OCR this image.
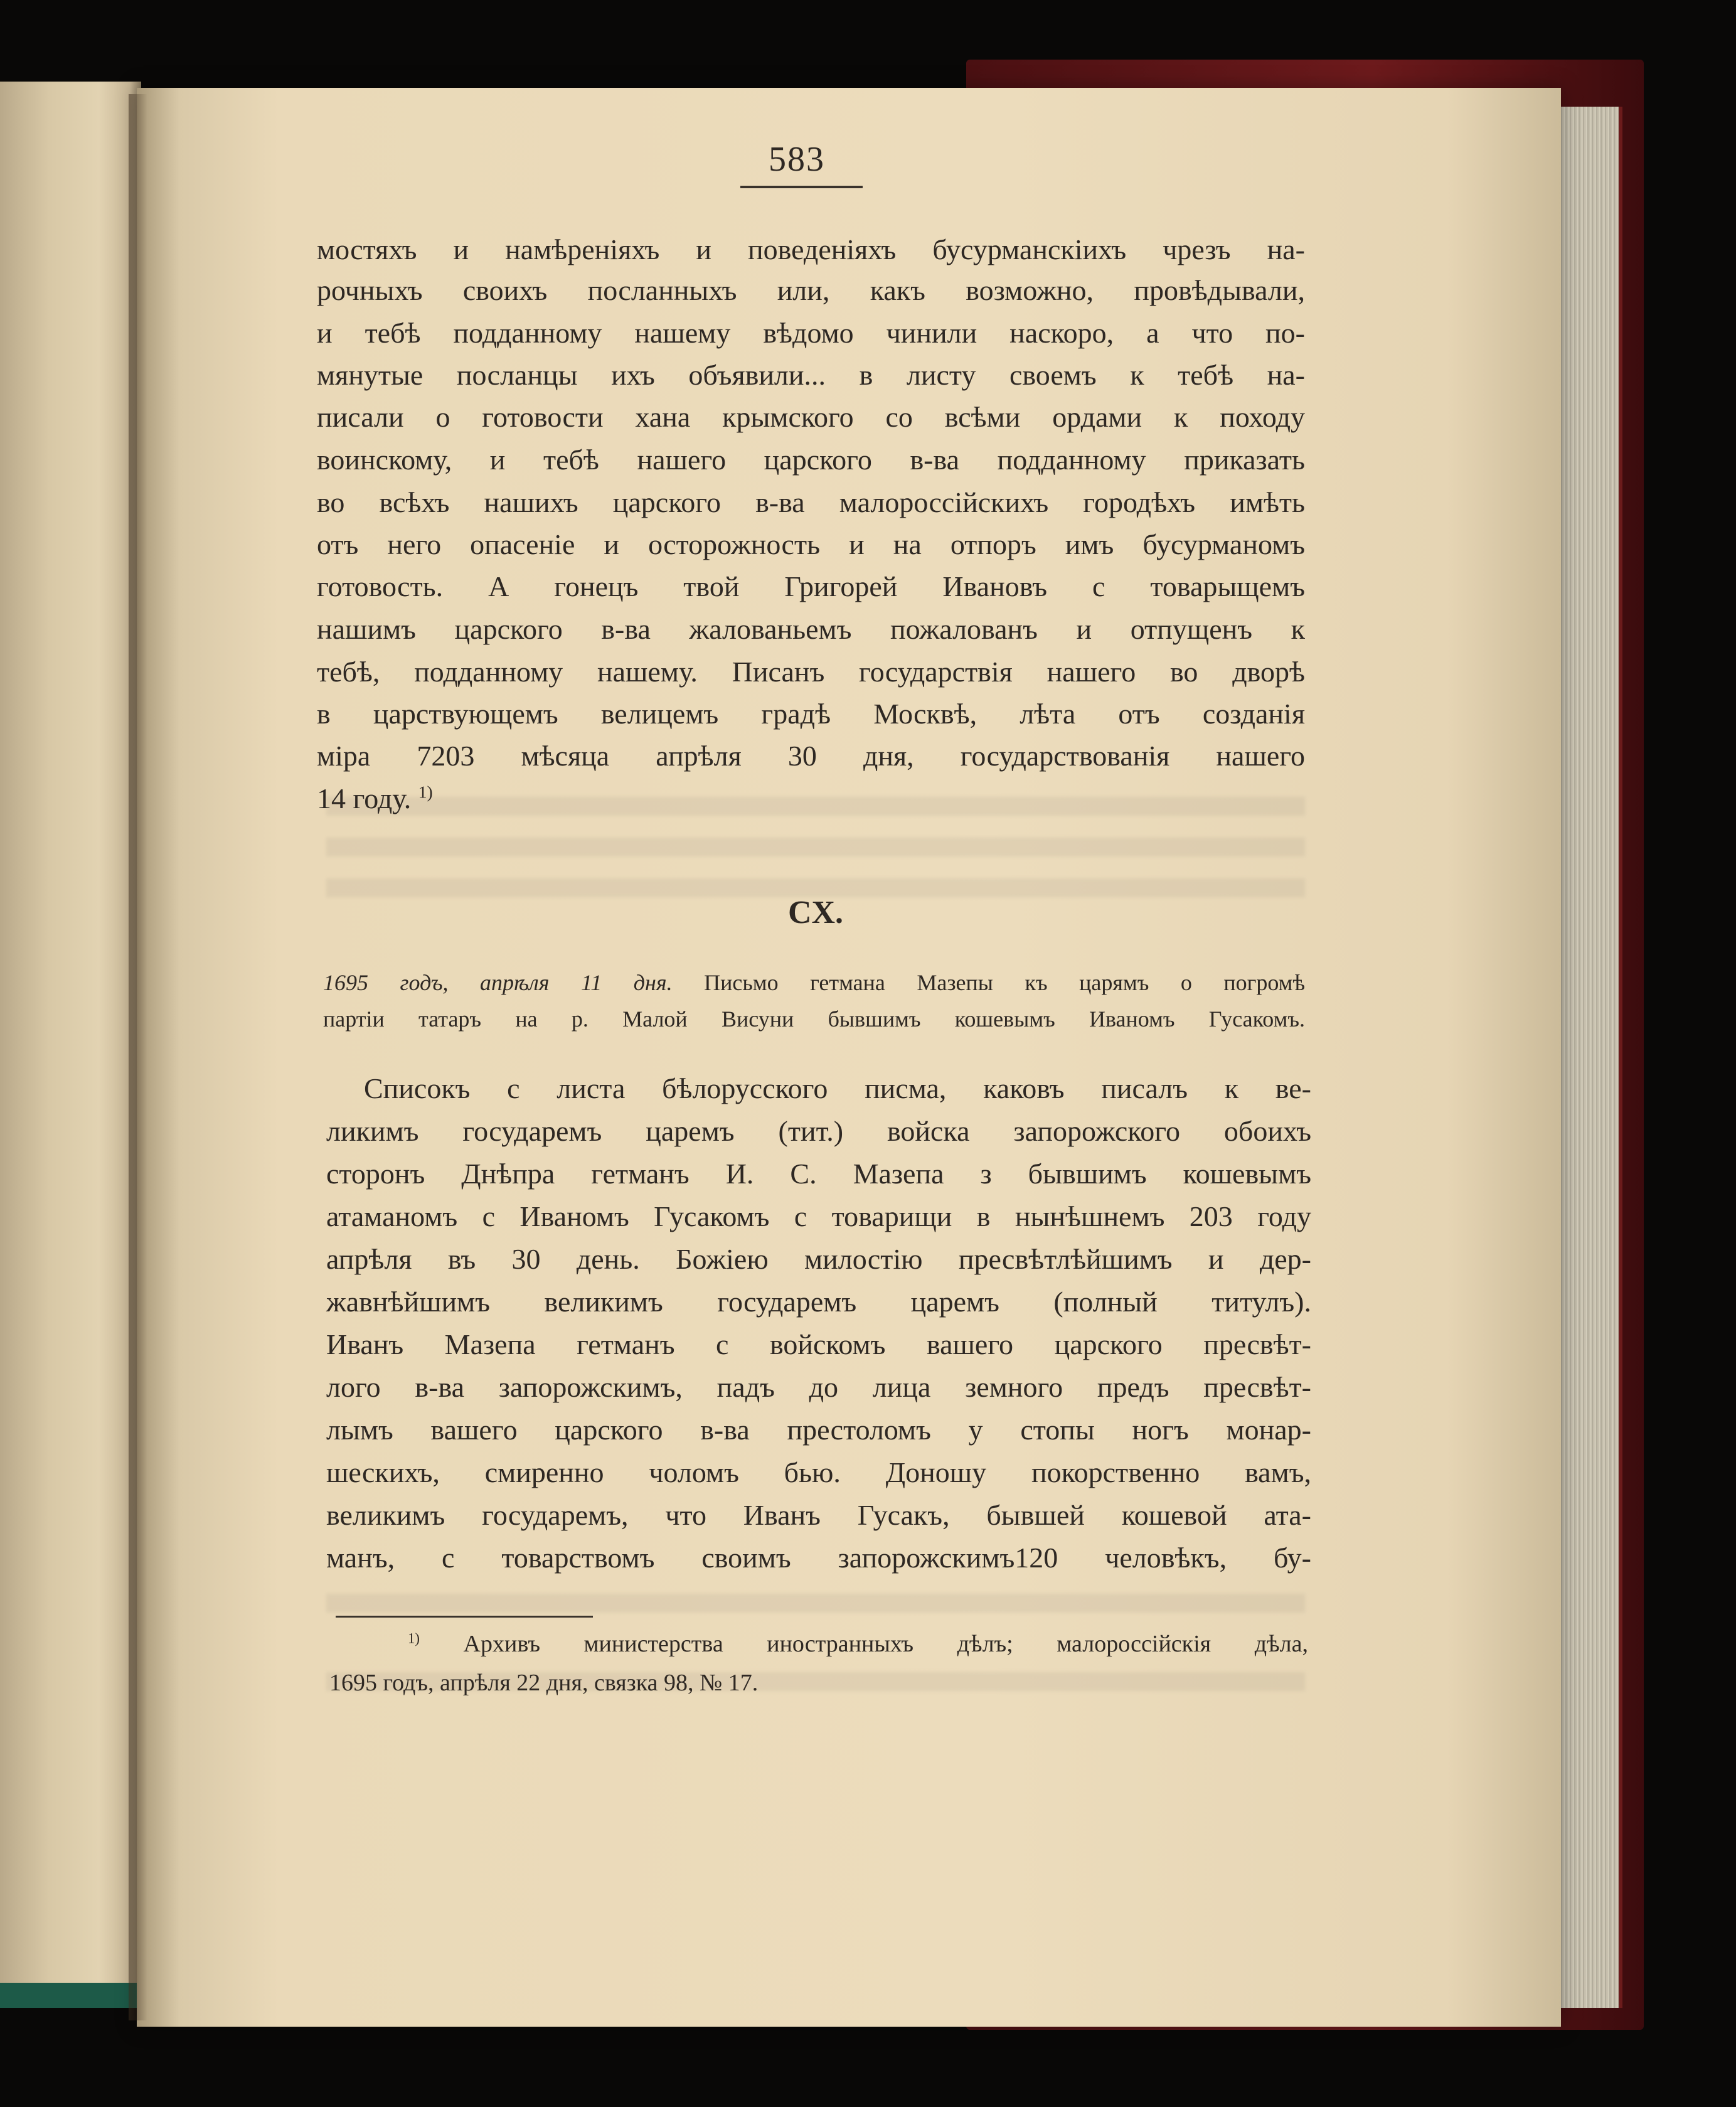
583
мостяхъ и намѣреніяхъ и поведеніяхъ бусурманскіихъ чрезъ на-
рочныхъ своихъ посланныхъ или, какъ возможно, провѣдывали,
и тебѣ подданному нашему вѣдомо чинили наскоро, а что по-
мянутые посланцы ихъ объявили... в листу своемъ к тебѣ на-
писали о готовости хана крымского со всѣми ордами к походу
воинскому, и тебѣ нашего царского в-ва подданному приказать
во всѣхъ нашихъ царского в-ва малороссійскихъ городѣхъ имѣть
отъ него опасеніе и осторожность и на отпоръ имъ бусурманомъ
готовость. А гонецъ твой Григорей Ивановъ с товарыщемъ
нашимъ царского в-ва жалованьемъ пожалованъ и отпущенъ к
тебѣ, подданному нашему. Писанъ государствія нашего во дворѣ
в царствующемъ велицемъ градѣ Москвѣ, лѣта отъ созданія
міра 7203 мѣсяца апрѣля 30 дня, государствованія нашего
14 году. $^{1)}$
CX.
1695 годъ, апрѣля 11 дня. Письмо гетмана Мазепы къ царямъ о погромѣ
партіи татаръ на р. Малой Висуни бывшимъ кошевымъ Иваномъ Гусакомъ.
Списокъ с листа бѣлорусского писма, каковъ писалъ к ве-
ликимъ государемъ царемъ (тит.) войска запорожского обоихъ
сторонъ Днѣпра гетманъ И. С. Мазепа з бывшимъ кошевымъ
атаманомъ с Иваномъ Гусакомъ с товарищи в нынѣшнемъ 203 году
апрѣля въ 30 день. Божіею милостію пресвѣтлѣйшимъ и дер-
жавнѣйшимъ великимъ государемъ царемъ (полный титулъ).
Иванъ Мазепа гетманъ с войскомъ вашего царского пресвѣт-
лого в-ва запорожскимъ, падъ до лица земного предъ пресвѣт-
лымъ вашего царского в-ва престоломъ у стопы ногъ монар-
шескихъ, смиренно чоломъ бью. Доношу покорственно вамъ,
великимъ государемъ, что Иванъ Гусакъ, бывшей кошевой ата-
манъ, с товарствомъ своимъ запорожскимъ120 человѣкъ, бу-
$^{1)}$ Архивъ министерства иностранныхъ дѣлъ; малороссійскія дѣла,
1695 годъ, апрѣля 22 дня, связка 98, № 17.
